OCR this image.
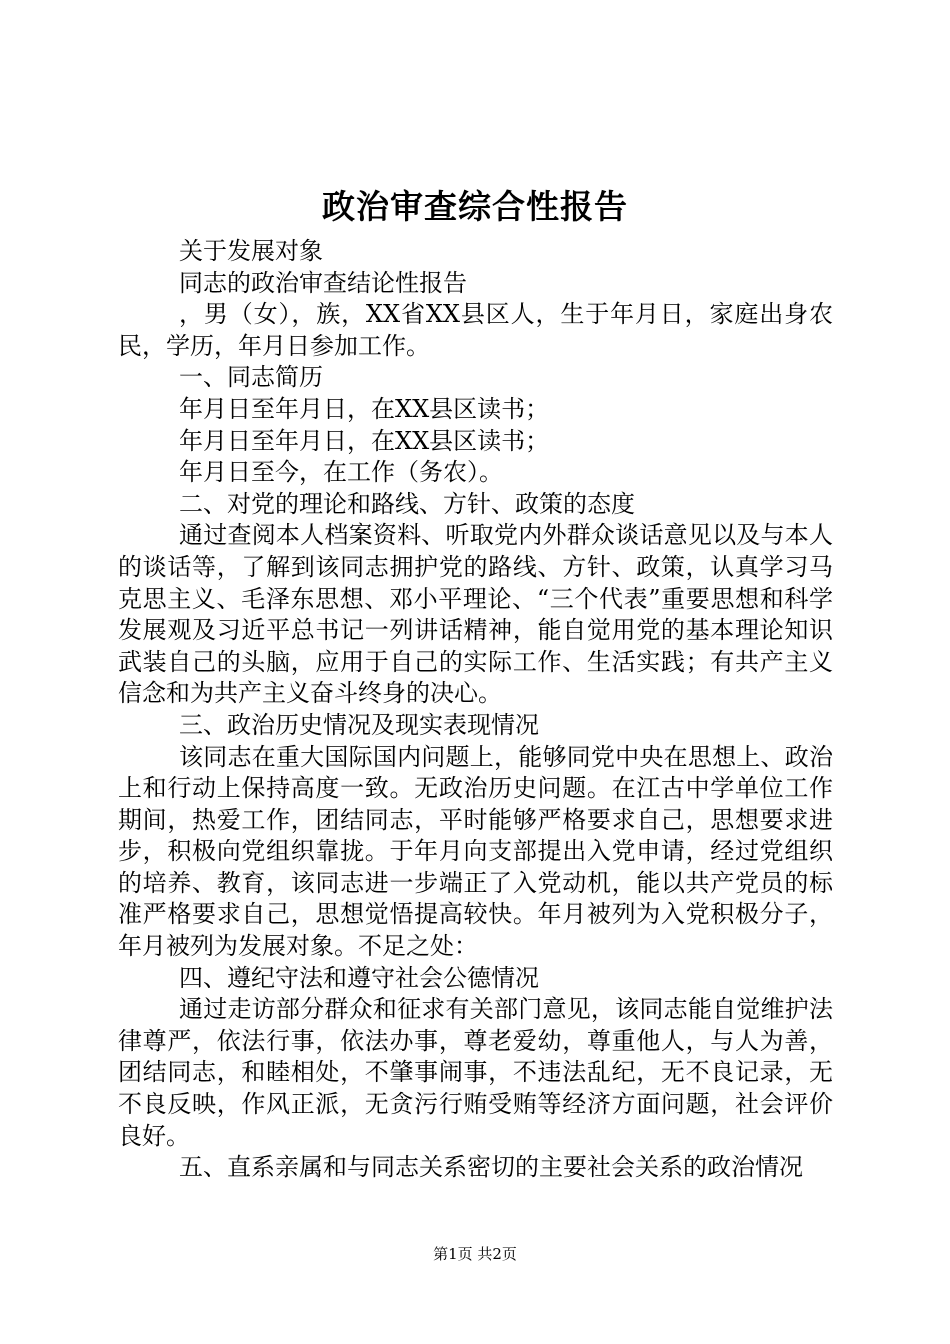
政治审查综合性报告

关于发展对象

同志的政治审查结论性报告

，男（女），族，XX省XX县区人，生于年月日，家庭出身农民，学历，年月日参加工作。

一、同志简历

年月日至年月日，在XX县区读书；

年月日至年月日，在XX县区读书；

年月日至今，在工作（务农）。

二、对党的理论和路线、方针、政策的态度

通过查阅本人档案资料、听取党内外群众谈话意见以及与本人的谈话等，了解到该同志拥护党的路线、方针、政策，认真学习马克思主义、毛泽东思想、邓小平理论、“三个代表”重要思想和科学发展观及习近平总书记一列讲话精神，能自觉用党的基本理论知识武装自己的头脑，应用于自己的实际工作、生活实践；有共产主义信念和为共产主义奋斗终身的决心。

三、政治历史情况及现实表现情况

该同志在重大国际国内问题上，能够同党中央在思想上、政治上和行动上保持高度一致。无政治历史问题。在江古中学单位工作期间，热爱工作，团结同志，平时能够严格要求自己，思想要求进步，积极向党组织靠拢。于年月向支部提出入党申请，经过党组织的培养、教育，该同志进一步端正了入党动机，能以共产党员的标准严格要求自己，思想觉悟提高较快。年月被列为入党积极分子，年月被列为发展对象。不足之处：

四、遵纪守法和遵守社会公德情况

通过走访部分群众和征求有关部门意见，该同志能自觉维护法律尊严，依法行事，依法办事，尊老爱幼，尊重他人，与人为善，团结同志，和睦相处，不肇事闹事，不违法乱纪，无不良记录，无不良反映，作风正派，无贪污行贿受贿等经济方面问题，社会评价良好。

五、直系亲属和与同志关系密切的主要社会关系的政治情况

第1页 共2页
